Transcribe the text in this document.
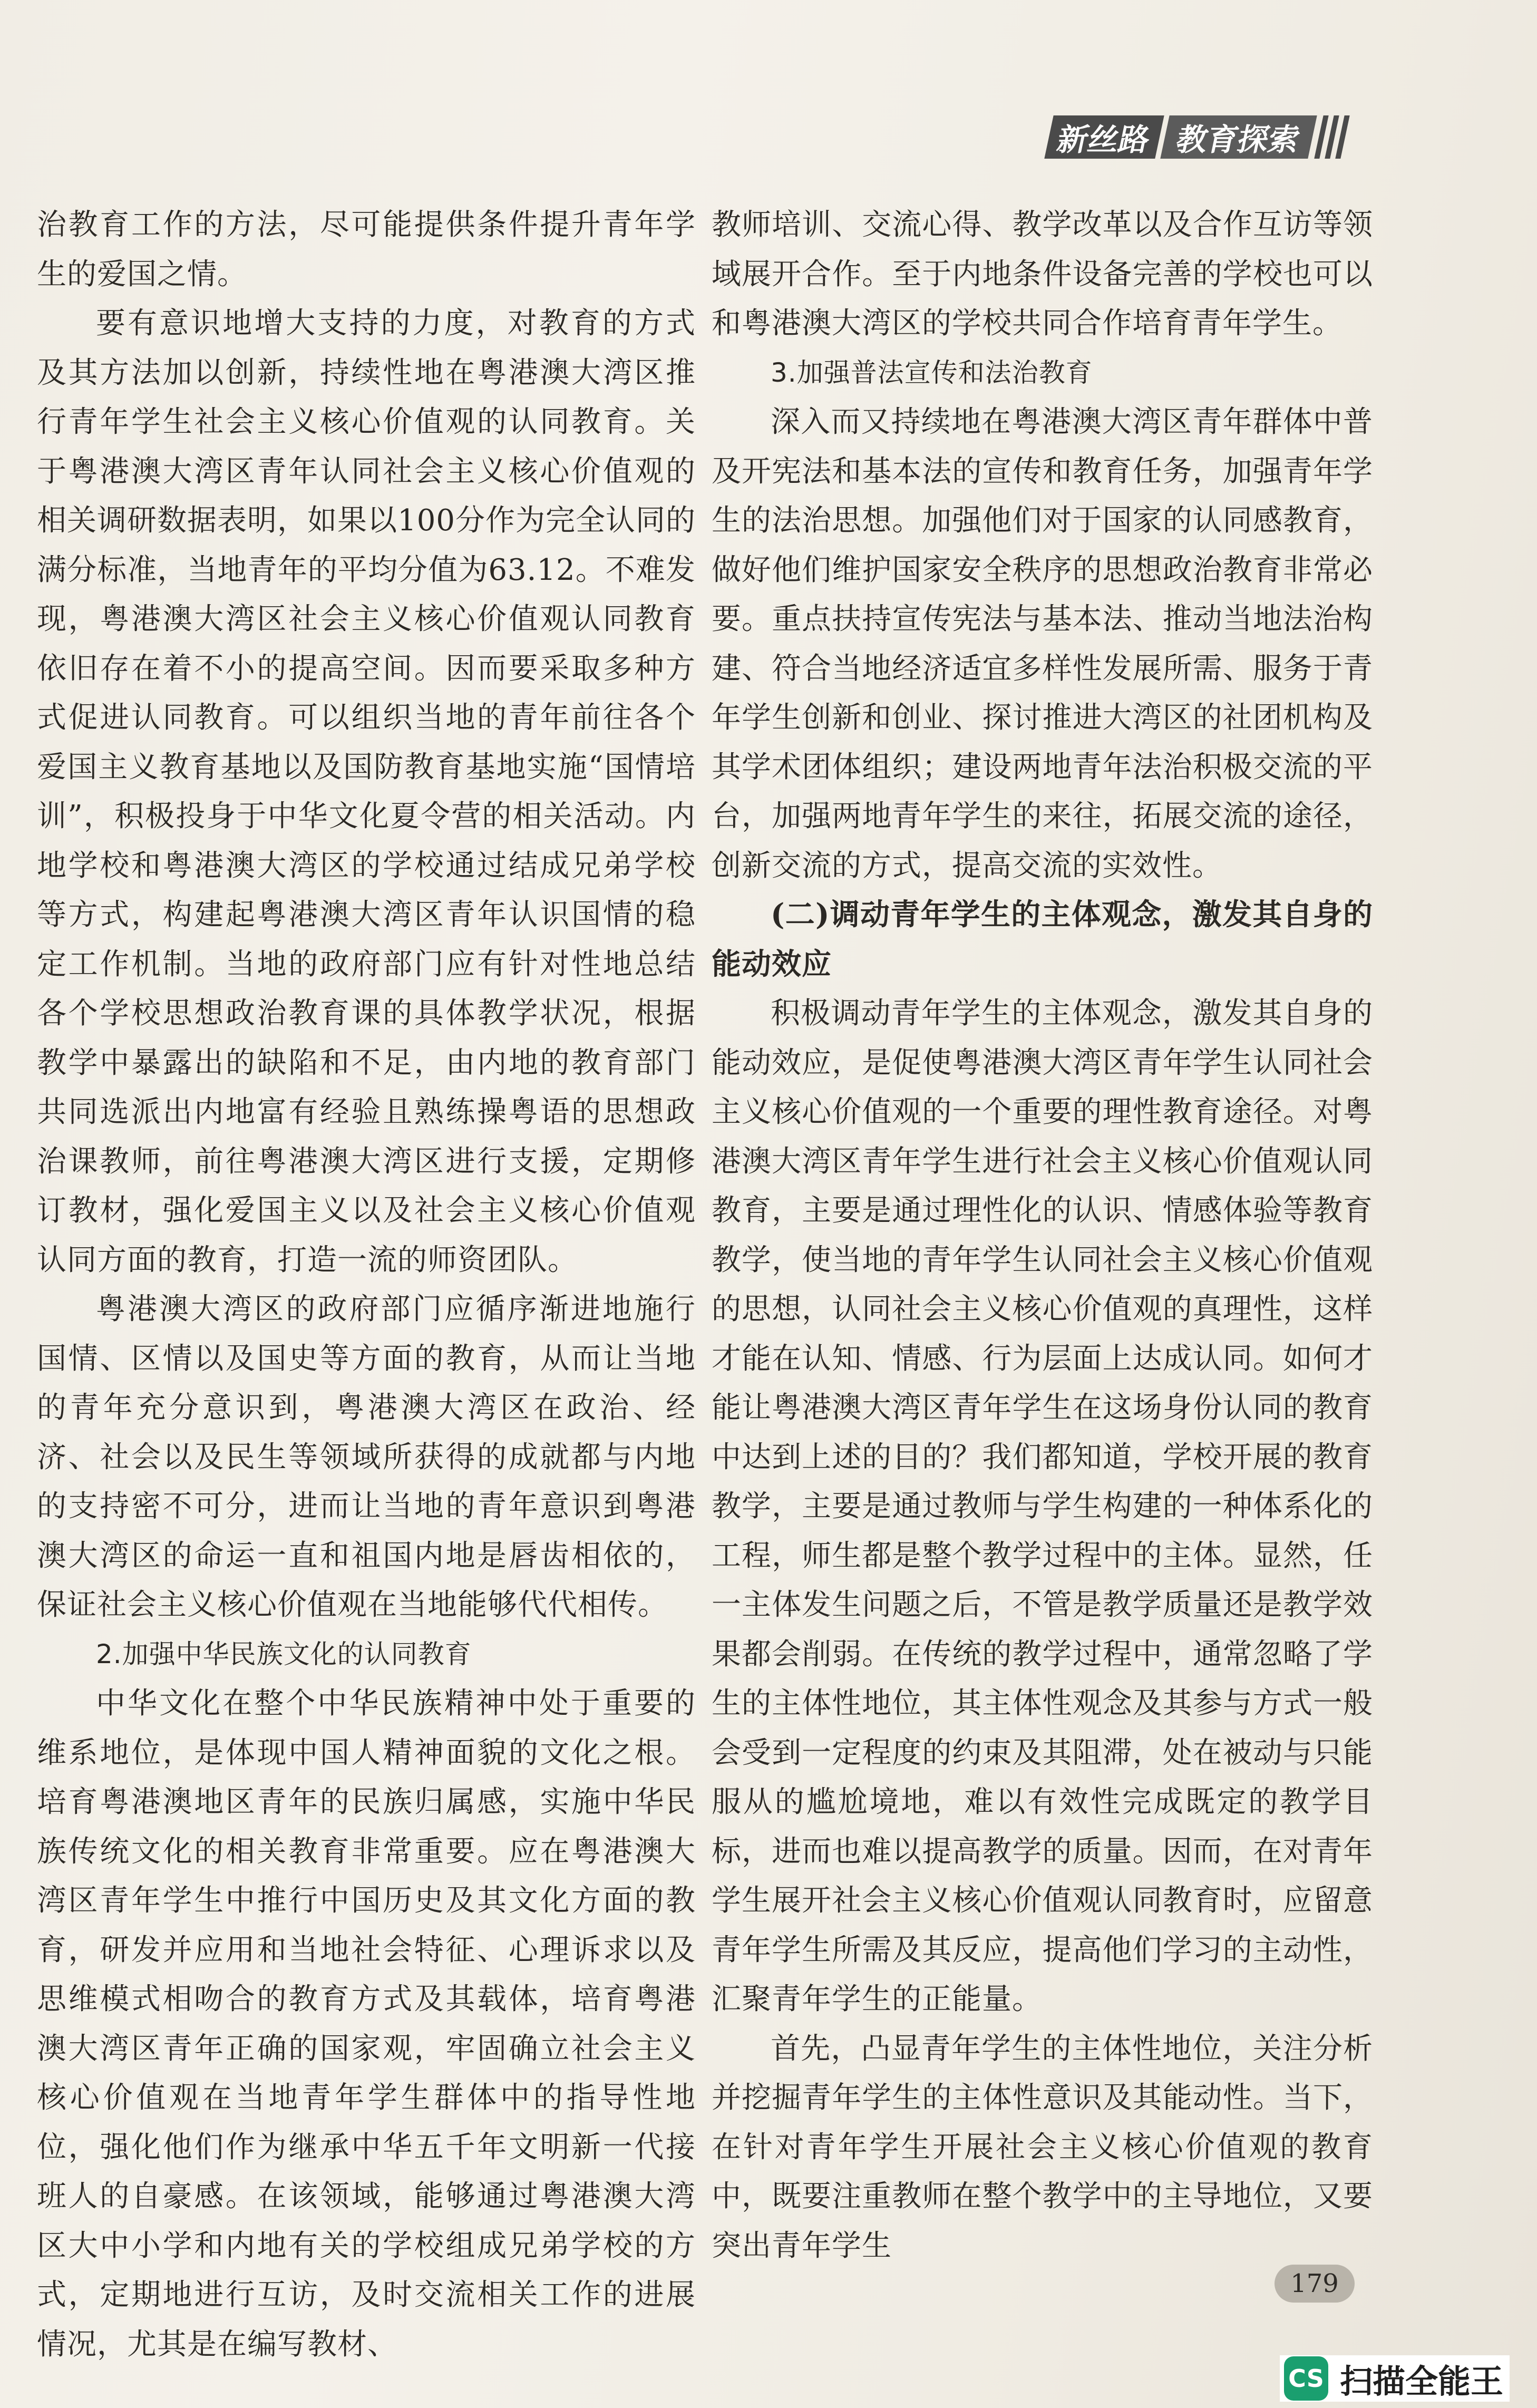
新丝路 教育探索

治教育工作的方法，尽可能提供条件提升青年学生的爱国之情。

要有意识地增大支持的力度，对教育的方式及其方法加以创新，持续性地在粤港澳大湾区推行青年学生社会主义核心价值观的认同教育。关于粤港澳大湾区青年认同社会主义核心价值观的相关调研数据表明，如果以100分作为完全认同的满分标准，当地青年的平均分值为63.12。不难发现，粤港澳大湾区社会主义核心价值观认同教育依旧存在着不小的提高空间。因而要采取多种方式促进认同教育。可以组织当地的青年前往各个爱国主义教育基地以及国防教育基地实施“国情培训”，积极投身于中华文化夏令营的相关活动。内地学校和粤港澳大湾区的学校通过结成兄弟学校等方式，构建起粤港澳大湾区青年认识国情的稳定工作机制。当地的政府部门应有针对性地总结各个学校思想政治教育课的具体教学状况，根据教学中暴露出的缺陷和不足，由内地的教育部门共同选派出内地富有经验且熟练操粤语的思想政治课教师，前往粤港澳大湾区进行支援，定期修订教材，强化爱国主义以及社会主义核心价值观认同方面的教育，打造一流的师资团队。

粤港澳大湾区的政府部门应循序渐进地施行国情、区情以及国史等方面的教育，从而让当地的青年充分意识到，粤港澳大湾区在政治、经济、社会以及民生等领域所获得的成就都与内地的支持密不可分，进而让当地的青年意识到粤港澳大湾区的命运一直和祖国内地是唇齿相依的，保证社会主义核心价值观在当地能够代代相传。

2.加强中华民族文化的认同教育

中华文化在整个中华民族精神中处于重要的维系地位，是体现中国人精神面貌的文化之根。培育粤港澳地区青年的民族归属感，实施中华民族传统文化的相关教育非常重要。应在粤港澳大湾区青年学生中推行中国历史及其文化方面的教育，研发并应用和当地社会特征、心理诉求以及思维模式相吻合的教育方式及其载体，培育粤港澳大湾区青年正确的国家观，牢固确立社会主义核心价值观在当地青年学生群体中的指导性地位，强化他们作为继承中华五千年文明新一代接班人的自豪感。在该领域，能够通过粤港澳大湾区大中小学和内地有关的学校组成兄弟学校的方式，定期地进行互访，及时交流相关工作的进展情况，尤其是在编写教材、

教师培训、交流心得、教学改革以及合作互访等领域展开合作。至于内地条件设备完善的学校也可以和粤港澳大湾区的学校共同合作培育青年学生。

3.加强普法宣传和法治教育

深入而又持续地在粤港澳大湾区青年群体中普及开宪法和基本法的宣传和教育任务，加强青年学生的法治思想。加强他们对于国家的认同感教育，做好他们维护国家安全秩序的思想政治教育非常必要。重点扶持宣传宪法与基本法、推动当地法治构建、符合当地经济适宜多样性发展所需、服务于青年学生创新和创业、探讨推进大湾区的社团机构及其学术团体组织；建设两地青年法治积极交流的平台，加强两地青年学生的来往，拓展交流的途径，创新交流的方式，提高交流的实效性。

(二)调动青年学生的主体观念，激发其自身的能动效应

积极调动青年学生的主体观念，激发其自身的能动效应，是促使粤港澳大湾区青年学生认同社会主义核心价值观的一个重要的理性教育途径。对粤港澳大湾区青年学生进行社会主义核心价值观认同教育，主要是通过理性化的认识、情感体验等教育教学，使当地的青年学生认同社会主义核心价值观的思想，认同社会主义核心价值观的真理性，这样才能在认知、情感、行为层面上达成认同。如何才能让粤港澳大湾区青年学生在这场身份认同的教育中达到上述的目的？我们都知道，学校开展的教育教学，主要是通过教师与学生构建的一种体系化的工程，师生都是整个教学过程中的主体。显然，任一主体发生问题之后，不管是教学质量还是教学效果都会削弱。在传统的教学过程中，通常忽略了学生的主体性地位，其主体性观念及其参与方式一般会受到一定程度的约束及其阻滞，处在被动与只能服从的尴尬境地，难以有效性完成既定的教学目标，进而也难以提高教学的质量。因而，在对青年学生展开社会主义核心价值观认同教育时，应留意青年学生所需及其反应，提高他们学习的主动性，汇聚青年学生的正能量。

首先，凸显青年学生的主体性地位，关注分析并挖掘青年学生的主体性意识及其能动性。当下，在针对青年学生开展社会主义核心价值观的教育中，既要注重教师在整个教学中的主导地位，又要突出青年学生

179
CS 扫描全能王
